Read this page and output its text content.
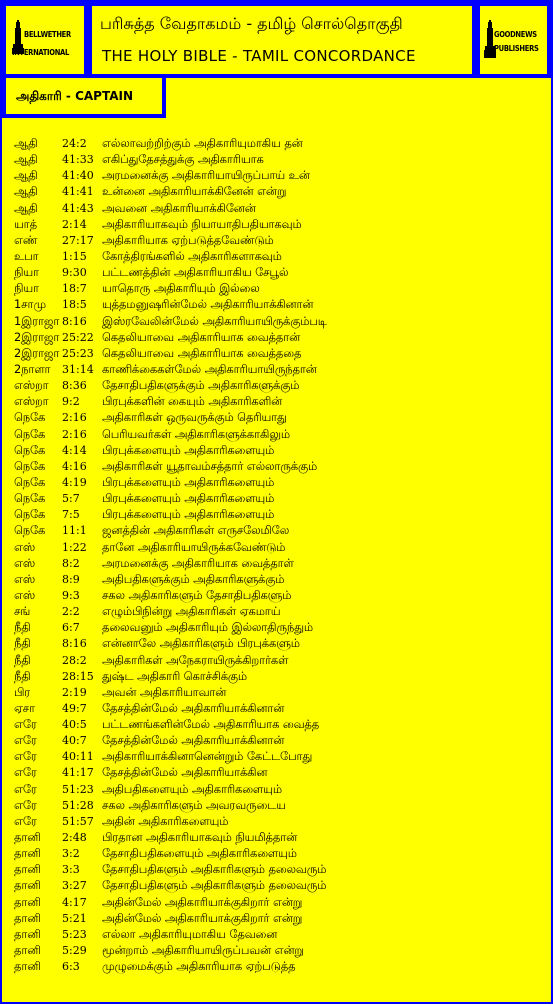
BELLWETHER
INTERNATIONAL
பரிசுத்த வேதாகமம் - தமிழ் சொல்தொகுதி
THE HOLY BIBLE - TAMIL CONCORDANCE
GOODNEWS
PUBLISHERS
அதிகாரி - CAPTAIN
ஆதி 24:2 எல்லாவற்றிற்கும் அதிகாரியுமாகிய தன்
ஆதி 41:33 எகிப்துதேசத்துக்கு அதிகாரியாக
ஆதி 41:40 அரமனைக்கு அதிகாரியாயிருப்பாய் உன்
ஆதி 41:41 உன்னை அதிகாரியாக்கினேன் என்று
ஆதி 41:43 அவனை அதிகாரியாக்கினேன்
யாத் 2:14 அதிகாரியாகவும் நியாயாதிபதியாகவும்
எண் 27:17 அதிகாரியாக ஏற்படுத்தவேண்டும்
உபா 1:15 கோத்திரங்களில் அதிகாரிகளாகவும்
நியா 9:30 பட்டணத்தின் அதிகாரியாகிய சேபூல்
நியா 18:7 யாதொரு அதிகாரியும் இல்லை
1சாமு 18:5 யுத்தமனுஷரின்மேல் அதிகாரியாக்கினான்
1இராஜா 8:16 இஸ்ரவேலின்மேல் அதிகாரியாயிருக்கும்படி
2இராஜா 25:22 கெதலியாவை அதிகாரியாக வைத்தான்
2இராஜா 25:23 கெதலியாவை அதிகாரியாக வைத்ததை
2நாளா 31:14 காணிக்கைகள்மேல் அதிகாரியாயிருந்தான்
எஸ்றா 8:36 தேசாதிபதிகளுக்கும் அதிகாரிகளுக்கும்
எஸ்றா 9:2 பிரபுக்களின் கையும் அதிகாரிகளின்
நெகே 2:16 அதிகாரிகள் ஒருவருக்கும் தெரியாது
நெகே 2:16 பெரியவர்கள் அதிகாரிகளுக்காகிலும்
நெகே 4:14 பிரபுக்களையும் அதிகாரிகளையும்
நெகே 4:16 அதிகாரிகள் யூதாவம்சத்தார் எல்லாருக்கும்
நெகே 4:19 பிரபுக்களையும் அதிகாரிகளையும்
நெகே 5:7 பிரபுக்களையும் அதிகாரிகளையும்
நெகே 7:5 பிரபுக்களையும் அதிகாரிகளையும்
நெகே 11:1 ஜனத்தின் அதிகாரிகள் எருசலேமிலே
எஸ் 1:22 தானே அதிகாரியாயிருக்கவேண்டும்
எஸ் 8:2 அரமனைக்கு அதிகாரியாக வைத்தாள்
எஸ் 8:9 அதிபதிகளுக்கும் அதிகாரிகளுக்கும்
எஸ் 9:3 சகல அதிகாரிகளும் தேசாதிபதிகளும்
சங்	2:2 எழும்பிநின்று அதிகாரிகள் ஏகமாய்
நீதி	6:7 தலைவனும் அதிகாரியும் இல்லாதிருந்தும்
நீதி	8:16 என்னாலே அதிகாரிகளும் பிரபுக்களும்
நீதி	28:2 அதிகாரிகள் அநேகராயிருக்கிறார்கள்
நீதி	28:15 துஷ்ட அதிகாரி கொச்சிக்கும்
பிர	2:19 அவன் அதிகாரியாவான்
ஏசா 49:7 தேசத்தின்மேல் அதிகாரியாக்கினான்
எரே 40:5 பட்டணங்களின்மேல் அதிகாரியாக வைத்த
எரே 40:7 தேசத்தின்மேல் அதிகாரியாக்கினான்
எரே 40:11 அதிகாரியாக்கினானென்றும் கேட்டபோது
எரே 41:17 தேசத்தின்மேல் அதிகாரியாக்கின
எரே 51:23 அதிபதிகளையும் அதிகாரிகளையும்
எரே 51:28 சகல அதிகாரிகளும் அவரவருடைய
எரே 51:57 அதின் அதிகாரிகளையும்
தானி 2:48 பிரதான அதிகாரியாகவும் நியமித்தான்
தானி 3:2 தேசாதிபதிகளையும் அதிகாரிகளையும்
தானி 3:3 தேசாதிபதிகளும் அதிகாரிகளும் தலைவரும்
தானி 3:27 தேசாதிபதிகளும் அதிகாரிகளும் தலைவரும்
தானி 4:17 அதின்மேல் அதிகாரியாக்குகிறார் என்று
தானி 5:21 அதின்மேல் அதிகாரியாக்குகிறார் என்று
தானி 5:23 எல்லா அதிகாரியுமாகிய தேவனை
தானி 5:29 மூன்றாம் அதிகாரியாயிருப்பவன் என்று
தானி 6:3 முழுமைக்கும் அதிகாரியாக ஏற்படுத்த
